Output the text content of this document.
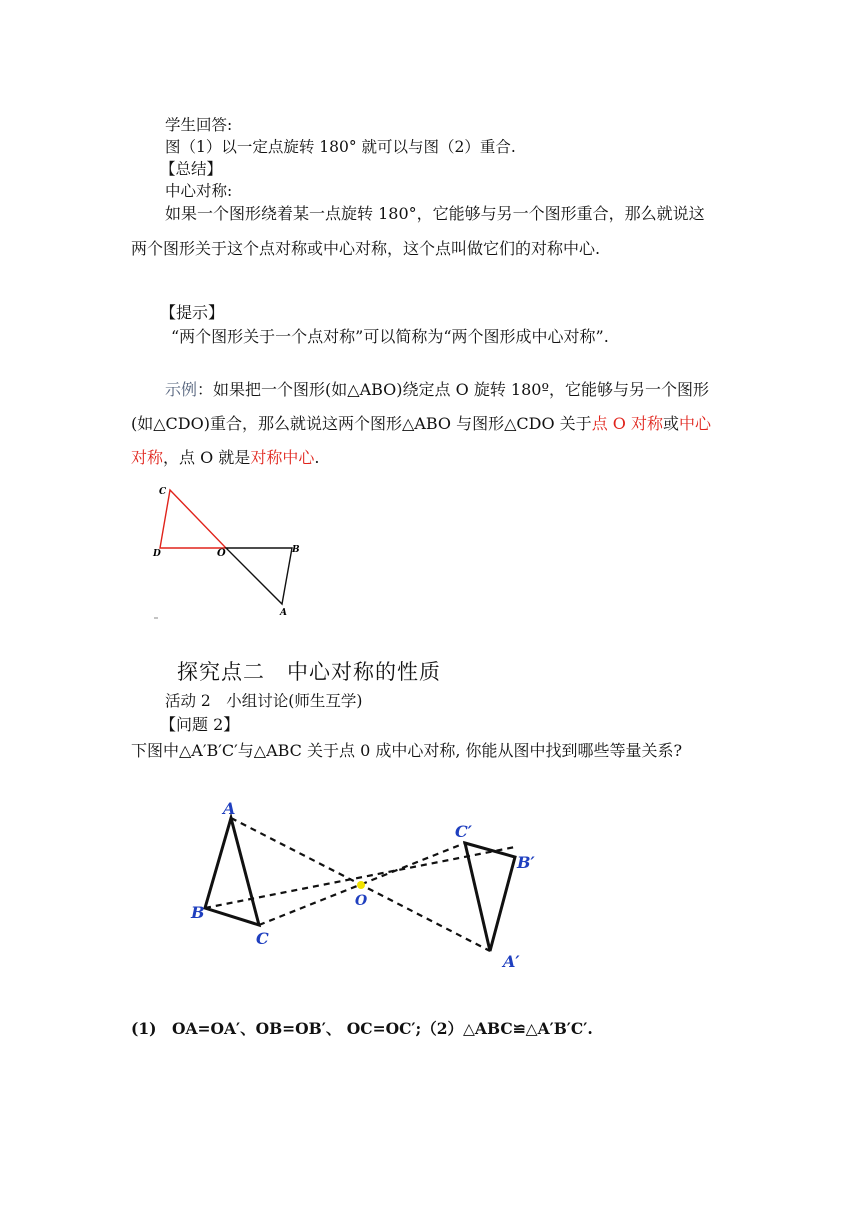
学生回答:
图（1）以一定点旋转 180° 就可以与图（2）重合.
【总结】
中心对称:
如果一个图形绕着某一点旋转 180°，它能够与另一个图形重合，那么就说这
两个图形关于这个点对称或中心对称，这个点叫做它们的对称中心.
【提示】
“两个图形关于一个点对称”可以简称为“两个图形成中心对称”.
示例：如果把一个图形(如△ABO)绕定点 O 旋转 180º，它能够与另一个图形
(如△CDO)重合，那么就说这两个图形△ABO 与图形△CDO 关于点 O 对称或中心
对称，点 O 就是对称中心.
C
D	O	B
A
探究点二　中心对称的性质
活动 2　小组讨论(师生互学)
【问题 2】
下图中△A′B′C′与△ABC 关于点 0 成中心对称, 你能从图中找到哪些等量关系?
A
B
C
O
C′
B′
A′
(1)　OA=OA′、OB=OB′、 OC=OC′;（2）△ABC≌△A′B′C′.
